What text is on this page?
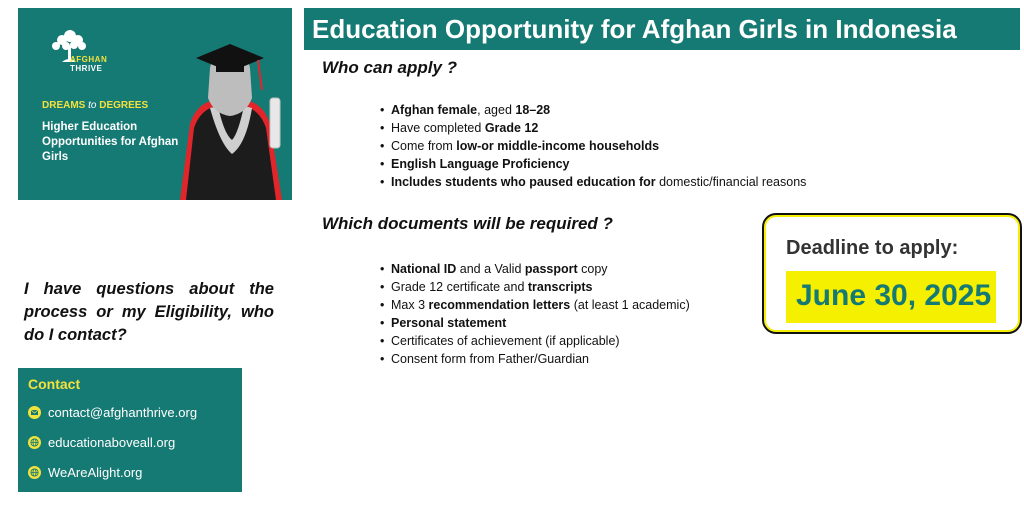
AFGHAN
THRIVE
DREAMS to DEGREES
Higher Education Opportunities for Afghan Girls
Education Opportunity for Afghan Girls in Indonesia
Who can apply ?
• Afghan female, aged 18–28
• Have completed Grade 12
• Come from low-or middle-income households
• English Language Proficiency
• Includes students who paused education for domestic/financial reasons
Which documents will be required ?
• National ID and a Valid passport copy
• Grade 12 certificate and transcripts
• Max 3 recommendation letters (at least 1 academic)
• Personal statement
• Certificates of achievement (if applicable)
• Consent form from Father/Guardian
I have questions about the process or my Eligibility, who do I contact?
Contact
contact@afghanthrive.org
educationaboveall.org
WeAreAlight.org
Deadline to apply:
June 30, 2025
